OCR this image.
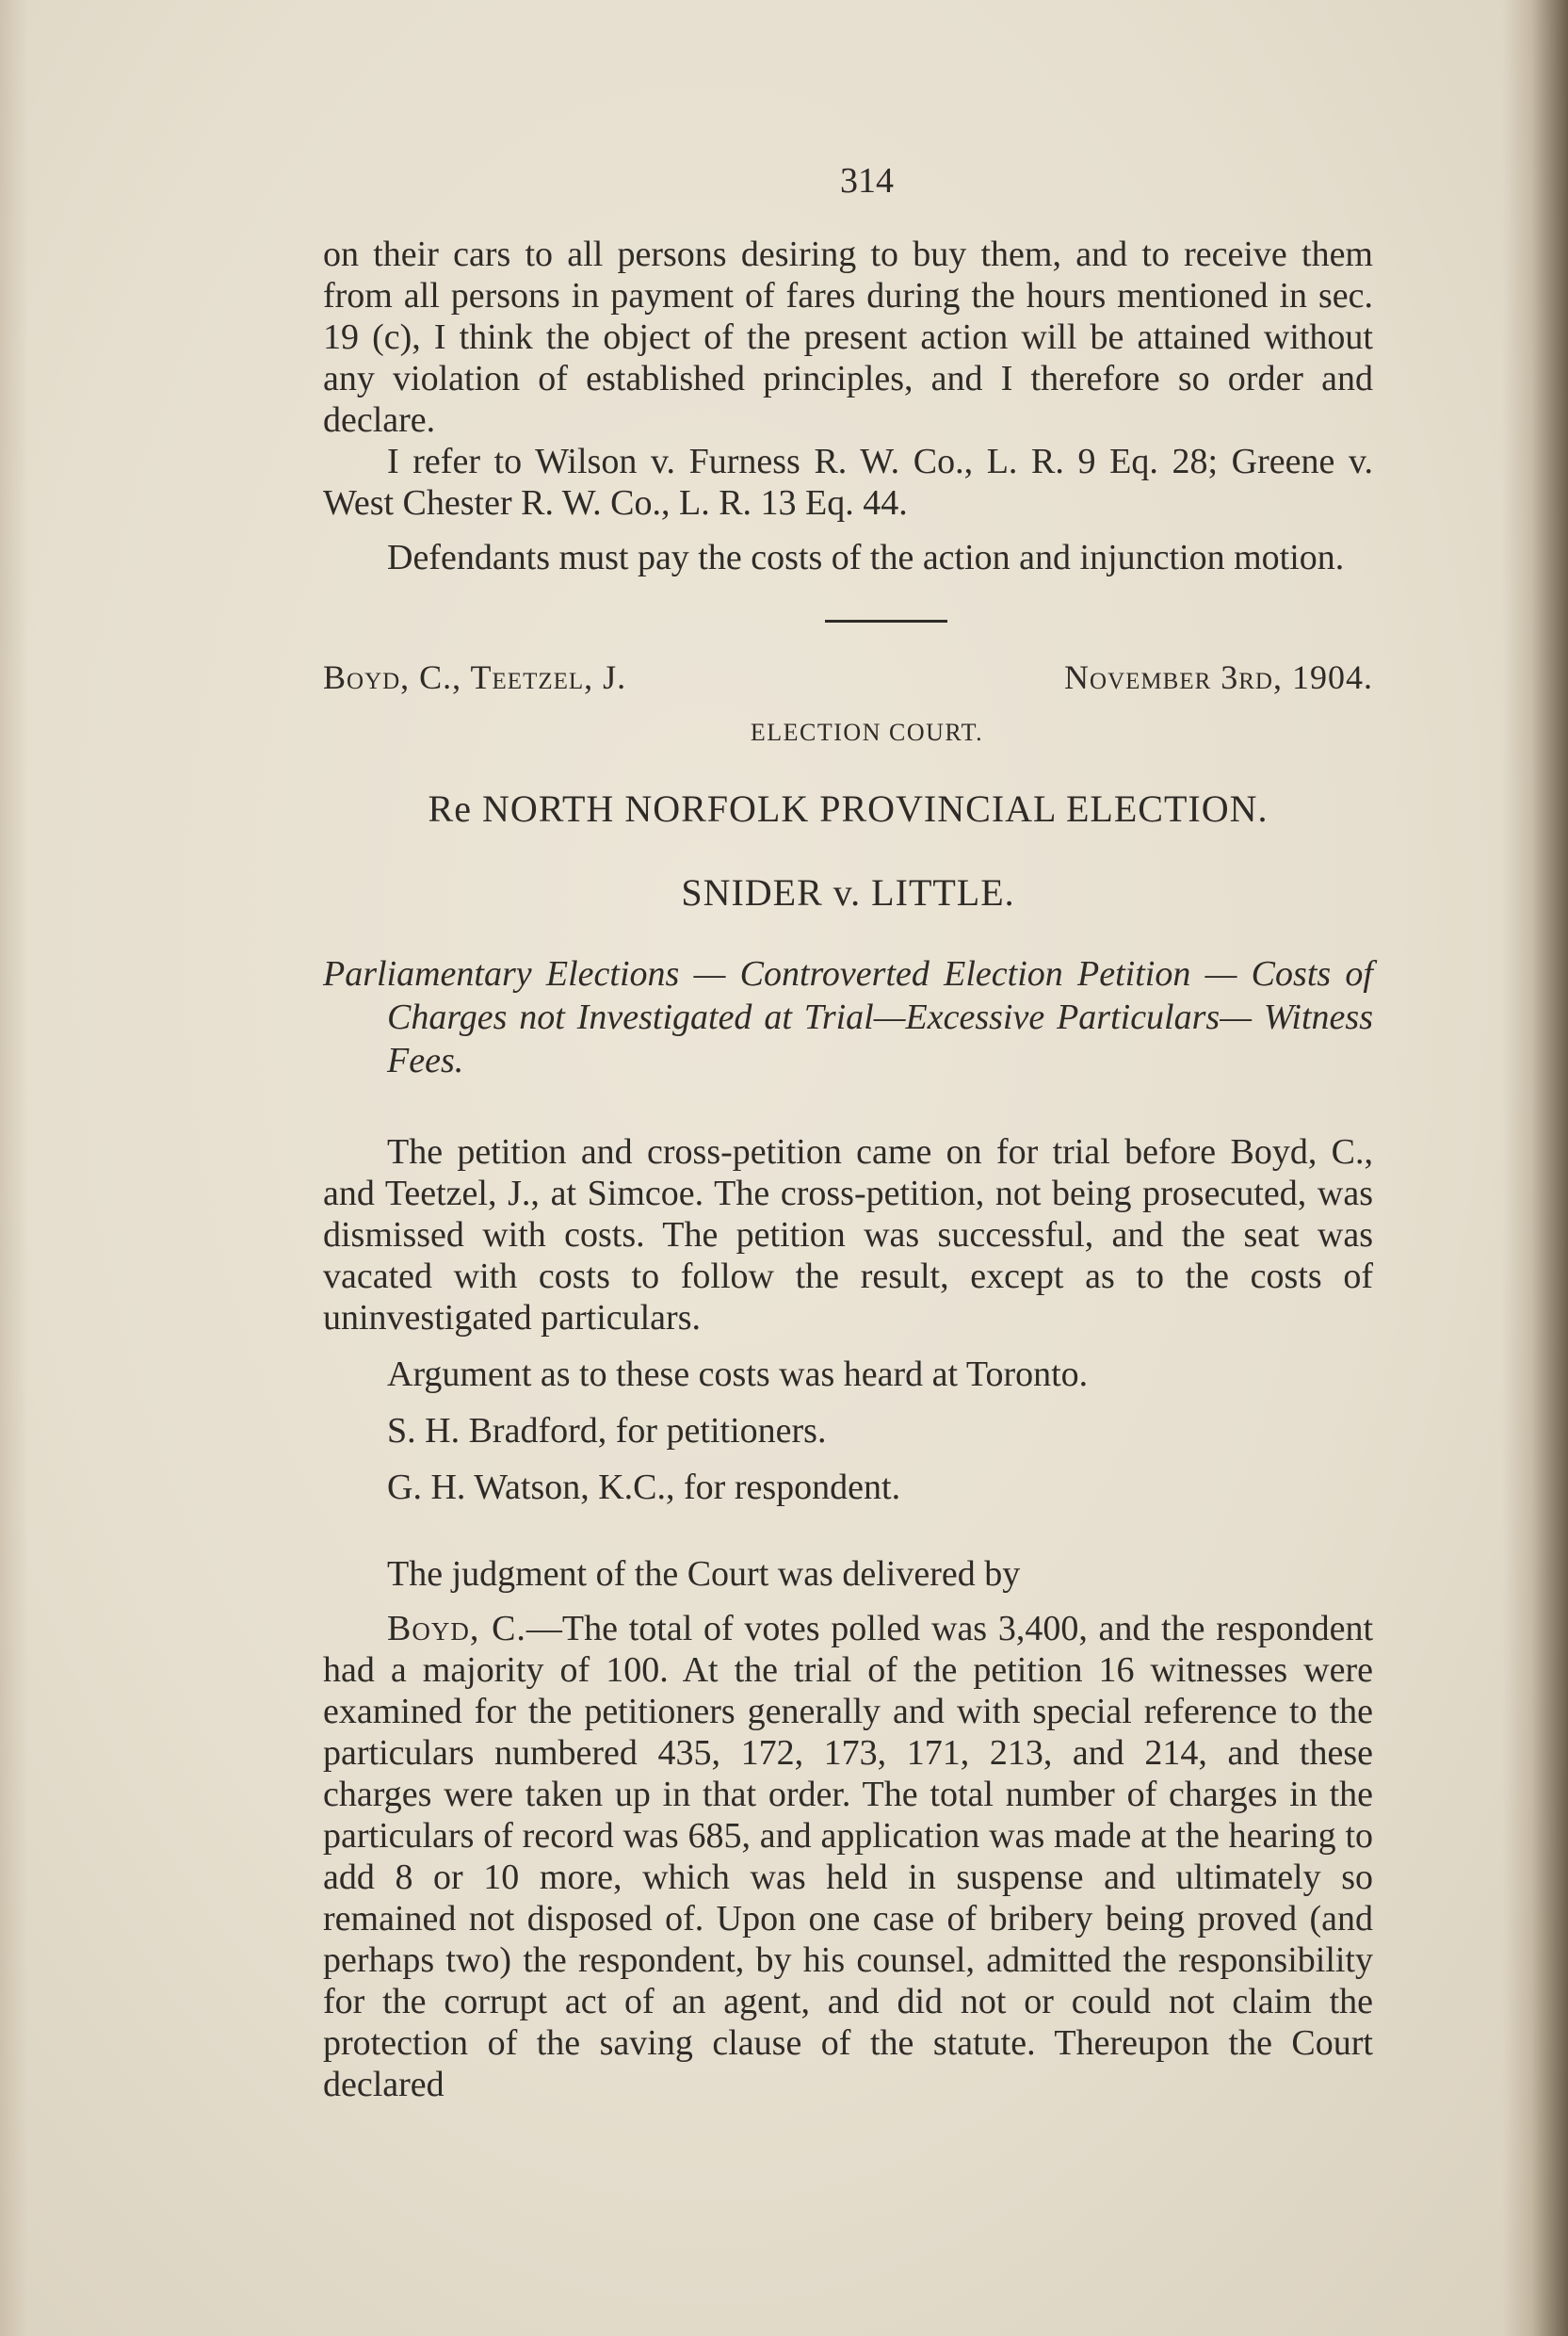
314

on their cars to all persons desiring to buy them, and to receive them from all persons in payment of fares during the hours mentioned in sec. 19 (c), I think the object of the present action will be attained without any violation of established principles, and I therefore so order and declare.

I refer to Wilson v. Furness R. W. Co., L. R. 9 Eq. 28; Greene v. West Chester R. W. Co., L. R. 13 Eq. 44.

Defendants must pay the costs of the action and injunction motion.

Boyd, C., Teetzel, J.	November 3rd, 1904.
ELECTION COURT.
Re NORTH NORFOLK PROVINCIAL ELECTION.
SNIDER v. LITTLE.
Parliamentary Elections — Controverted Election Petition — Costs of Charges not Investigated at Trial—Excessive Particulars— Witness Fees.

The petition and cross-petition came on for trial before Boyd, C., and Teetzel, J., at Simcoe. The cross-petition, not being prosecuted, was dismissed with costs. The petition was successful, and the seat was vacated with costs to follow the result, except as to the costs of uninvestigated particulars.

Argument as to these costs was heard at Toronto.

S. H. Bradford, for petitioners.

G. H. Watson, K.C., for respondent.

The judgment of the Court was delivered by

Boyd, C.—The total of votes polled was 3,400, and the respondent had a majority of 100. At the trial of the petition 16 witnesses were examined for the petitioners generally and with special reference to the particulars numbered 435, 172, 173, 171, 213, and 214, and these charges were taken up in that order. The total number of charges in the particulars of record was 685, and application was made at the hearing to add 8 or 10 more, which was held in suspense and ultimately so remained not disposed of. Upon one case of bribery being proved (and perhaps two) the respondent, by his counsel, admitted the responsibility for the corrupt act of an agent, and did not or could not claim the protection of the saving clause of the statute. Thereupon the Court declared
